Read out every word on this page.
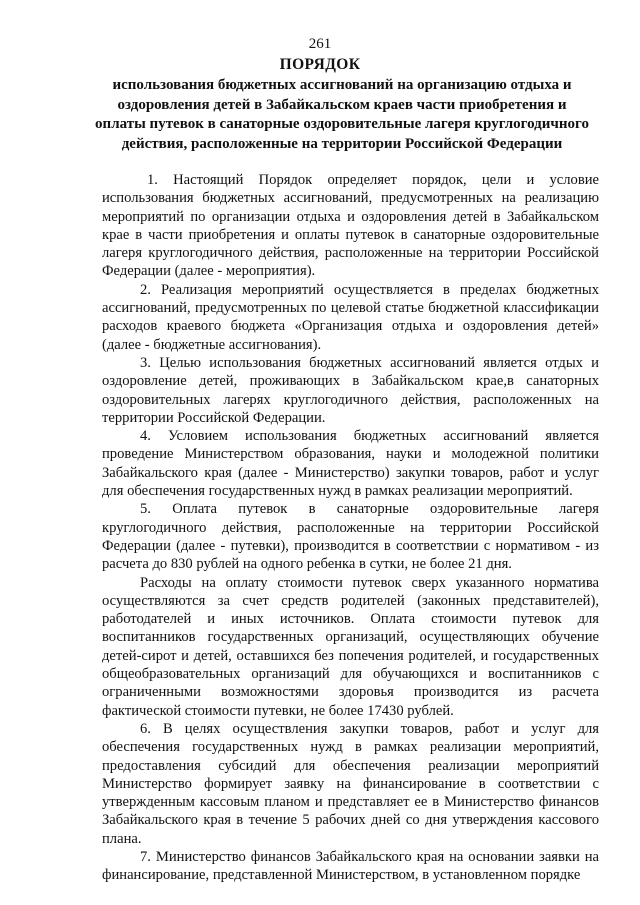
261
ПОРЯДОК
использования бюджетных ассигнований на организацию отдыха и оздоровления детей в Забайкальском краев части приобретения и оплаты путевок в санаторные оздоровительные лагеря круглогодичного действия, расположенные на территории Российской Федерации

1. Настоящий Порядок определяет порядок, цели и условие использования бюджетных ассигнований, предусмотренных на реализацию мероприятий по организации отдыха и оздоровления детей в Забайкальском крае в части приобретения и оплаты путевок в санаторные оздоровительные лагеря круглогодичного действия, расположенные на территории Российской Федерации (далее - мероприятия).

2. Реализация мероприятий осуществляется в пределах бюджетных ассигнований, предусмотренных по целевой статье бюджетной классификации расходов краевого бюджета «Организация отдыха и оздоровления детей» (далее - бюджетные ассигнования).

3. Целью использования бюджетных ассигнований является отдых и оздоровление детей, проживающих в Забайкальском крае,в санаторных оздоровительных лагерях круглогодичного действия, расположенных на территории Российской Федерации.

4. Условием использования бюджетных ассигнований является проведение Министерством образования, науки и молодежной политики Забайкальского края (далее - Министерство) закупки товаров, работ и услуг для обеспечения государственных нужд в рамках реализации мероприятий.

5. Оплата путевок в санаторные оздоровительные лагеря круглогодичного действия, расположенные на территории Российской Федерации (далее - путевки), производится в соответствии с нормативом - из расчета до 830 рублей на одного ребенка в сутки, не более 21 дня.

Расходы на оплату стоимости путевок сверх указанного норматива осуществляются за счет средств родителей (законных представителей), работодателей и иных источников. Оплата стоимости путевок для воспитанников государственных организаций, осуществляющих обучение детей-сирот и детей, оставшихся без попечения родителей, и государственных общеобразовательных организаций для обучающихся и воспитанников с ограниченными возможностями здоровья производится из расчета фактической стоимости путевки, не более 17430 рублей.

6. В целях осуществления закупки товаров, работ и услуг для обеспечения государственных нужд в рамках реализации мероприятий, предоставления субсидий для обеспечения реализации мероприятий Министерство формирует заявку на финансирование в соответствии с утвержденным кассовым планом и представляет ее в Министерство финансов Забайкальского края в течение 5 рабочих дней со дня утверждения кассового плана.

7. Министерство финансов Забайкальского края на основании заявки на финансирование, представленной Министерством, в установленном порядке
